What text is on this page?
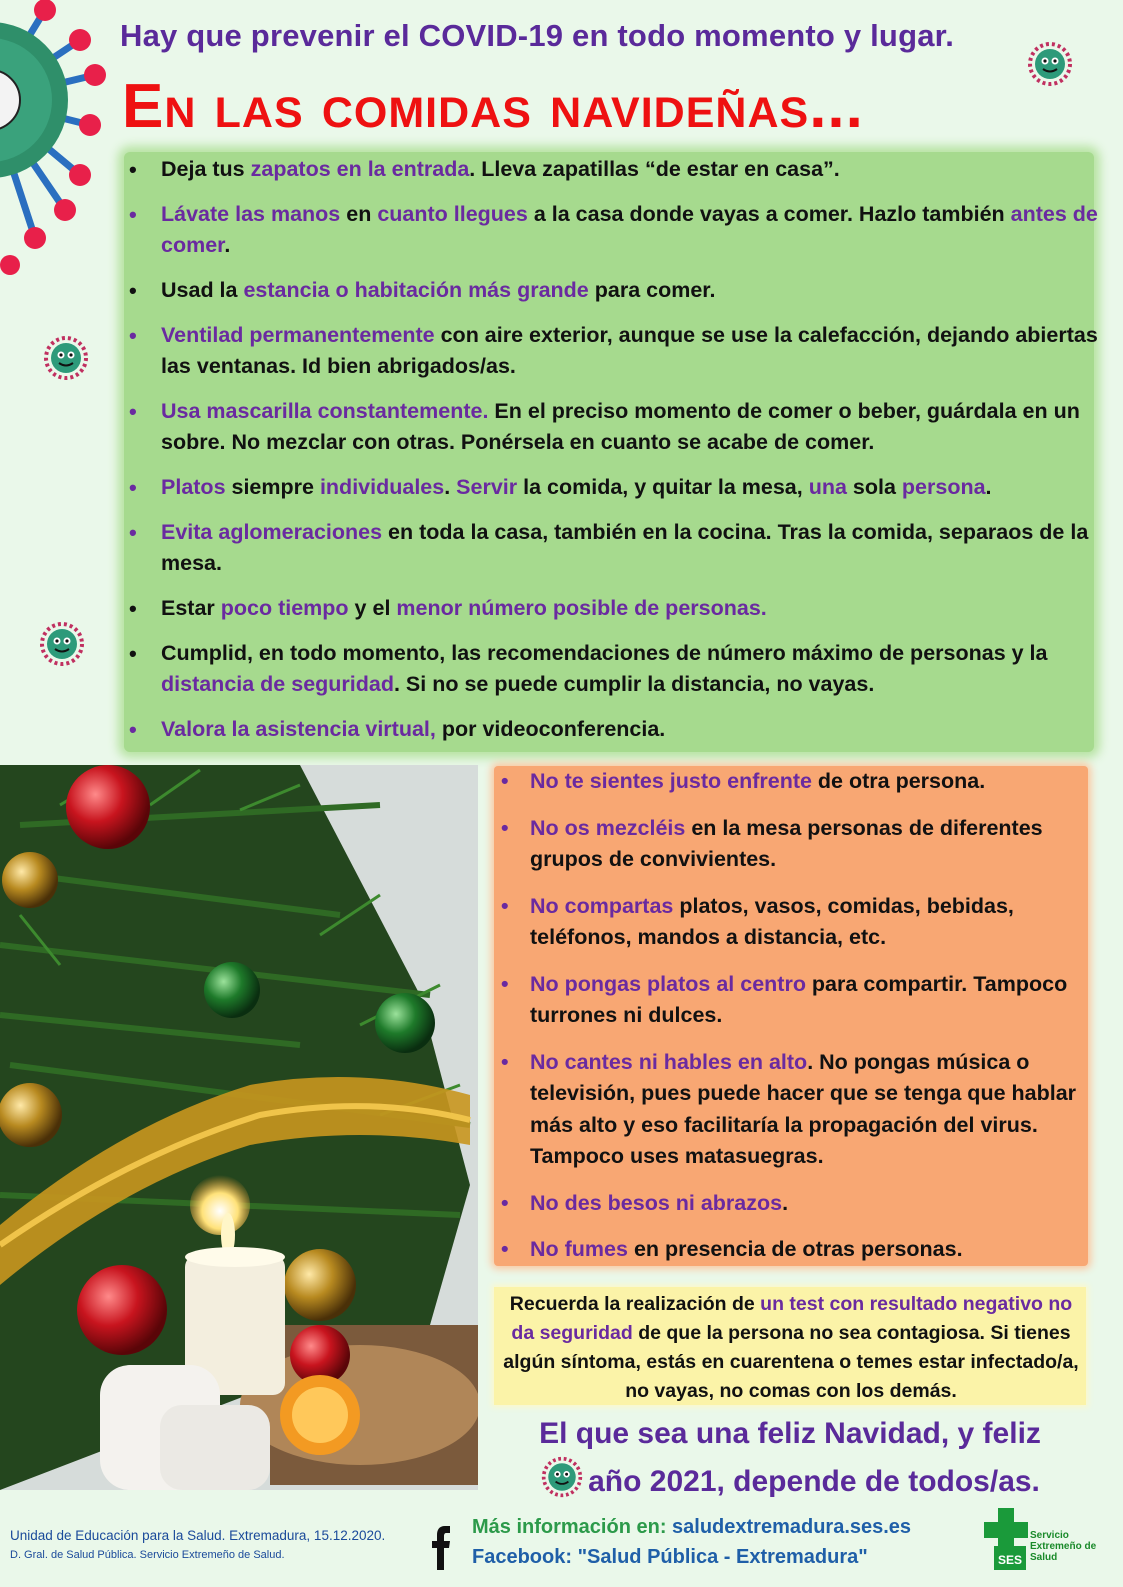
Hay que prevenir el COVID-19 en todo momento y lugar.
En las comidas navideñas...
• Deja tus zapatos en la entrada. Lleva zapatillas “de estar en casa”.
• Lávate las manos en cuanto llegues a la casa donde vayas a comer. Hazlo también antes de comer.
• Usad la estancia o habitación más grande para comer.
• Ventilad permanentemente con aire exterior, aunque se use la calefacción, dejando abiertas las ventanas. Id bien abrigados/as.
• Usa mascarilla constantemente. En el preciso momento de comer o beber, guárdala en un sobre. No mezclar con otras. Ponérsela en cuanto se acabe de comer.
• Platos siempre individuales. Servir la comida, y quitar la mesa, una sola persona.
• Evita aglomeraciones en toda la casa, también en la cocina. Tras la comida, separaos de la mesa.
• Estar poco tiempo y el menor número posible de personas.
• Cumplid, en todo momento, las recomendaciones de número máximo de personas y la distancia de seguridad. Si no se puede cumplir la distancia, no vayas.
• Valora la asistencia virtual, por videoconferencia.
• No te sientes justo enfrente de otra persona.
• No os mezcléis en la mesa personas de diferentes grupos de convivientes.
• No compartas platos, vasos, comidas, bebidas, teléfonos, mandos a distancia, etc.
• No pongas platos al centro para compartir. Tampoco turrones ni dulces.
• No cantes ni hables en alto. No pongas música o televisión, pues puede hacer que se tenga que hablar más alto y eso facilitaría la propagación del virus. Tampoco uses matasuegras.
• No des besos ni abrazos.
• No fumes en presencia de otras personas.
Recuerda la realización de un test con resultado negativo no da seguridad de que la persona no sea contagiosa. Si tienes algún síntoma, estás en cuarentena o temes estar infectado/a, no vayas, no comas con los demás.
El que sea una feliz Navidad, y feliz
año 2021, depende de todos/as.
Unidad de Educación para la Salud. Extremadura, 15.12.2020.
D. Gral. de Salud Pública. Servicio Extremeño de Salud.
Más información en: saludextremadura.ses.es
Facebook: "Salud Pública - Extremadura"	SES
Servicio Extremeño de Salud
